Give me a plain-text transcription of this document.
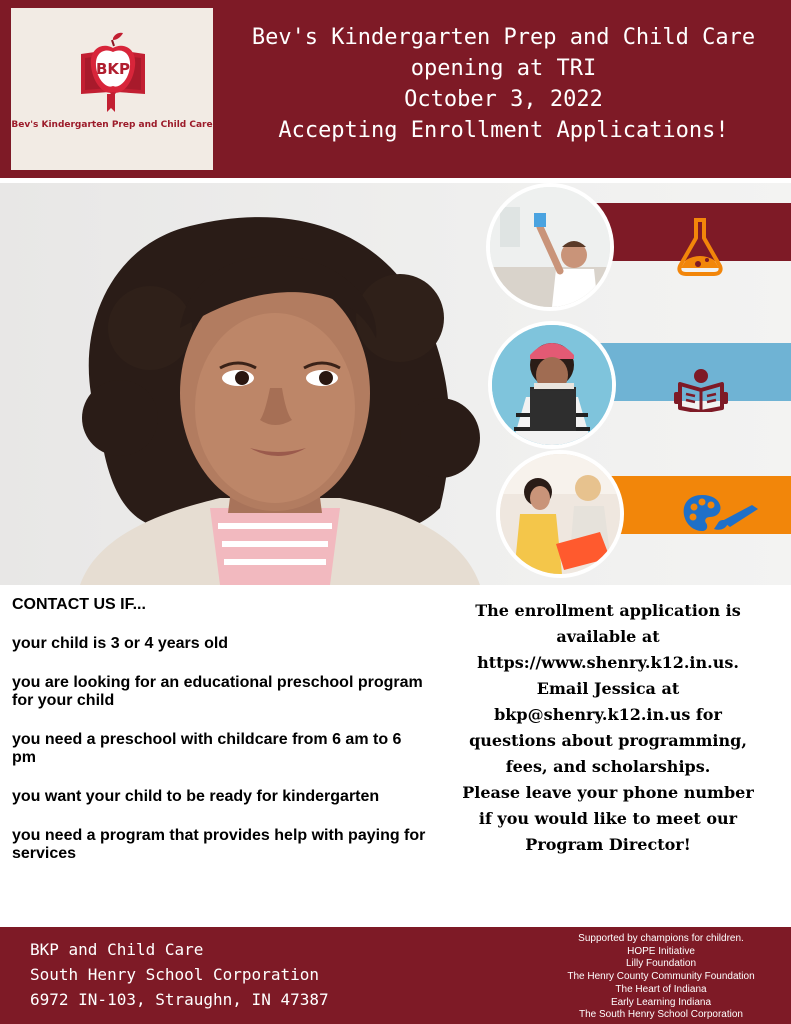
BKP
Bev's Kindergarten Prep and Child Care
Bev's Kindergarten Prep and Child Care
opening at TRI
October 3, 2022
Accepting Enrollment Applications!
CONTACT US IF...
your child is 3 or 4 years old
you are looking for an educational preschool program for your child
you need a preschool with childcare from 6 am to 6 pm
you want your child to be ready for kindergarten
you need a program that provides help with paying for services
The enrollment application is
available at
https://www.shenry.k12.in.us.
Email Jessica at
bkp@shenry.k12.in.us for
questions about programming,
fees, and scholarships.
Please leave your phone number
if you would like to meet our
Program Director!
BKP and Child Care
South Henry School Corporation
6972 IN-103, Straughn, IN 47387
Supported by champions for children.
HOPE Initiative
Lilly Foundation
The Henry County Community Foundation
The Heart of Indiana
Early Learning Indiana
The South Henry School Corporation
